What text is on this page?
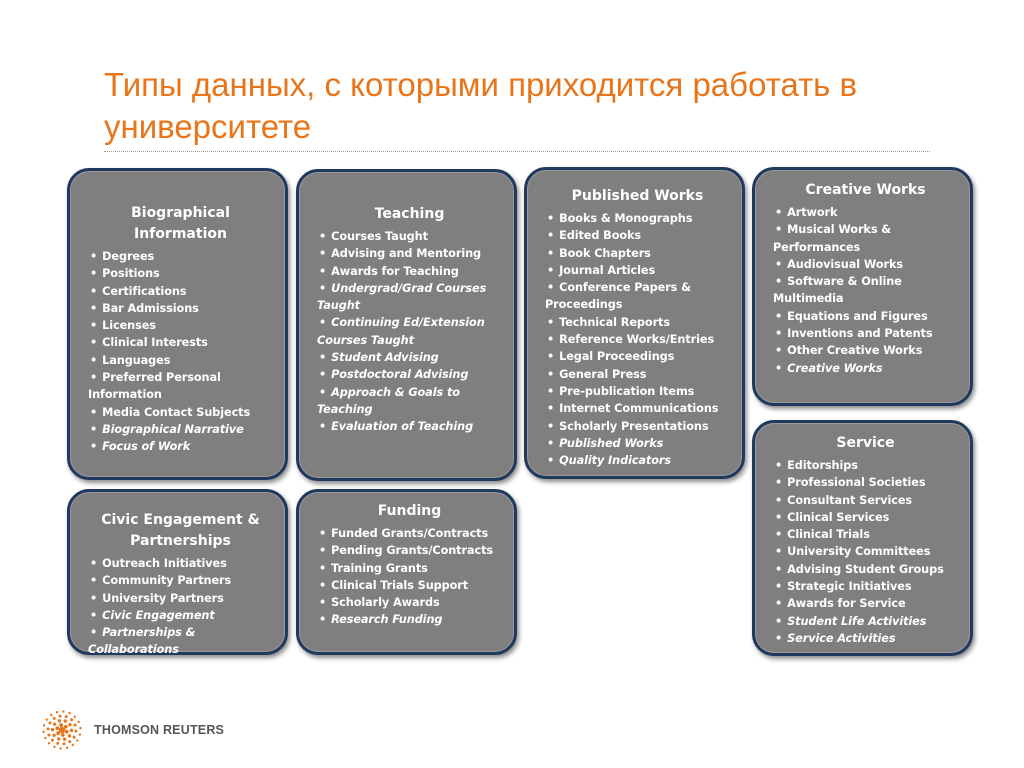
Типы данных, с которыми приходится работать в университете
Biographical Information
• Degrees
• Positions
• Certifications
• Bar Admissions
• Licenses
• Clinical Interests
• Languages
• Preferred Personal Information
• Media Contact Subjects
• Biographical Narrative
• Focus of Work
Teaching
• Courses Taught
• Advising and Mentoring
• Awards for Teaching
• Undergrad/Grad Courses Taught
• Continuing Ed/Extension Courses Taught
• Student Advising
• Postdoctoral Advising
• Approach & Goals to Teaching
• Evaluation of Teaching
Published Works
• Books & Monographs
• Edited Books
• Book Chapters
• Journal Articles
• Conference Papers & Proceedings
• Technical Reports
• Reference Works/Entries
• Legal Proceedings
• General Press
• Pre-publication Items
• Internet Communications
• Scholarly Presentations
• Published Works
• Quality Indicators
Creative Works
• Artwork
• Musical Works & Performances
• Audiovisual Works
• Software & Online Multimedia
• Equations and Figures
• Inventions and Patents
• Other Creative Works
• Creative Works
Civic Engagement & Partnerships
• Outreach Initiatives
• Community Partners
• University Partners
• Civic Engagement
• Partnerships & Collaborations
Funding
• Funded Grants/Contracts
• Pending Grants/Contracts
• Training Grants
• Clinical Trials Support
• Scholarly Awards
• Research Funding
Service
• Editorships
• Professional Societies
• Consultant Services
• Clinical Services
• Clinical Trials
• University Committees
• Advising Student Groups
• Strategic Initiatives
• Awards for Service
• Student Life Activities
• Service Activities
THOMSON REUTERS
